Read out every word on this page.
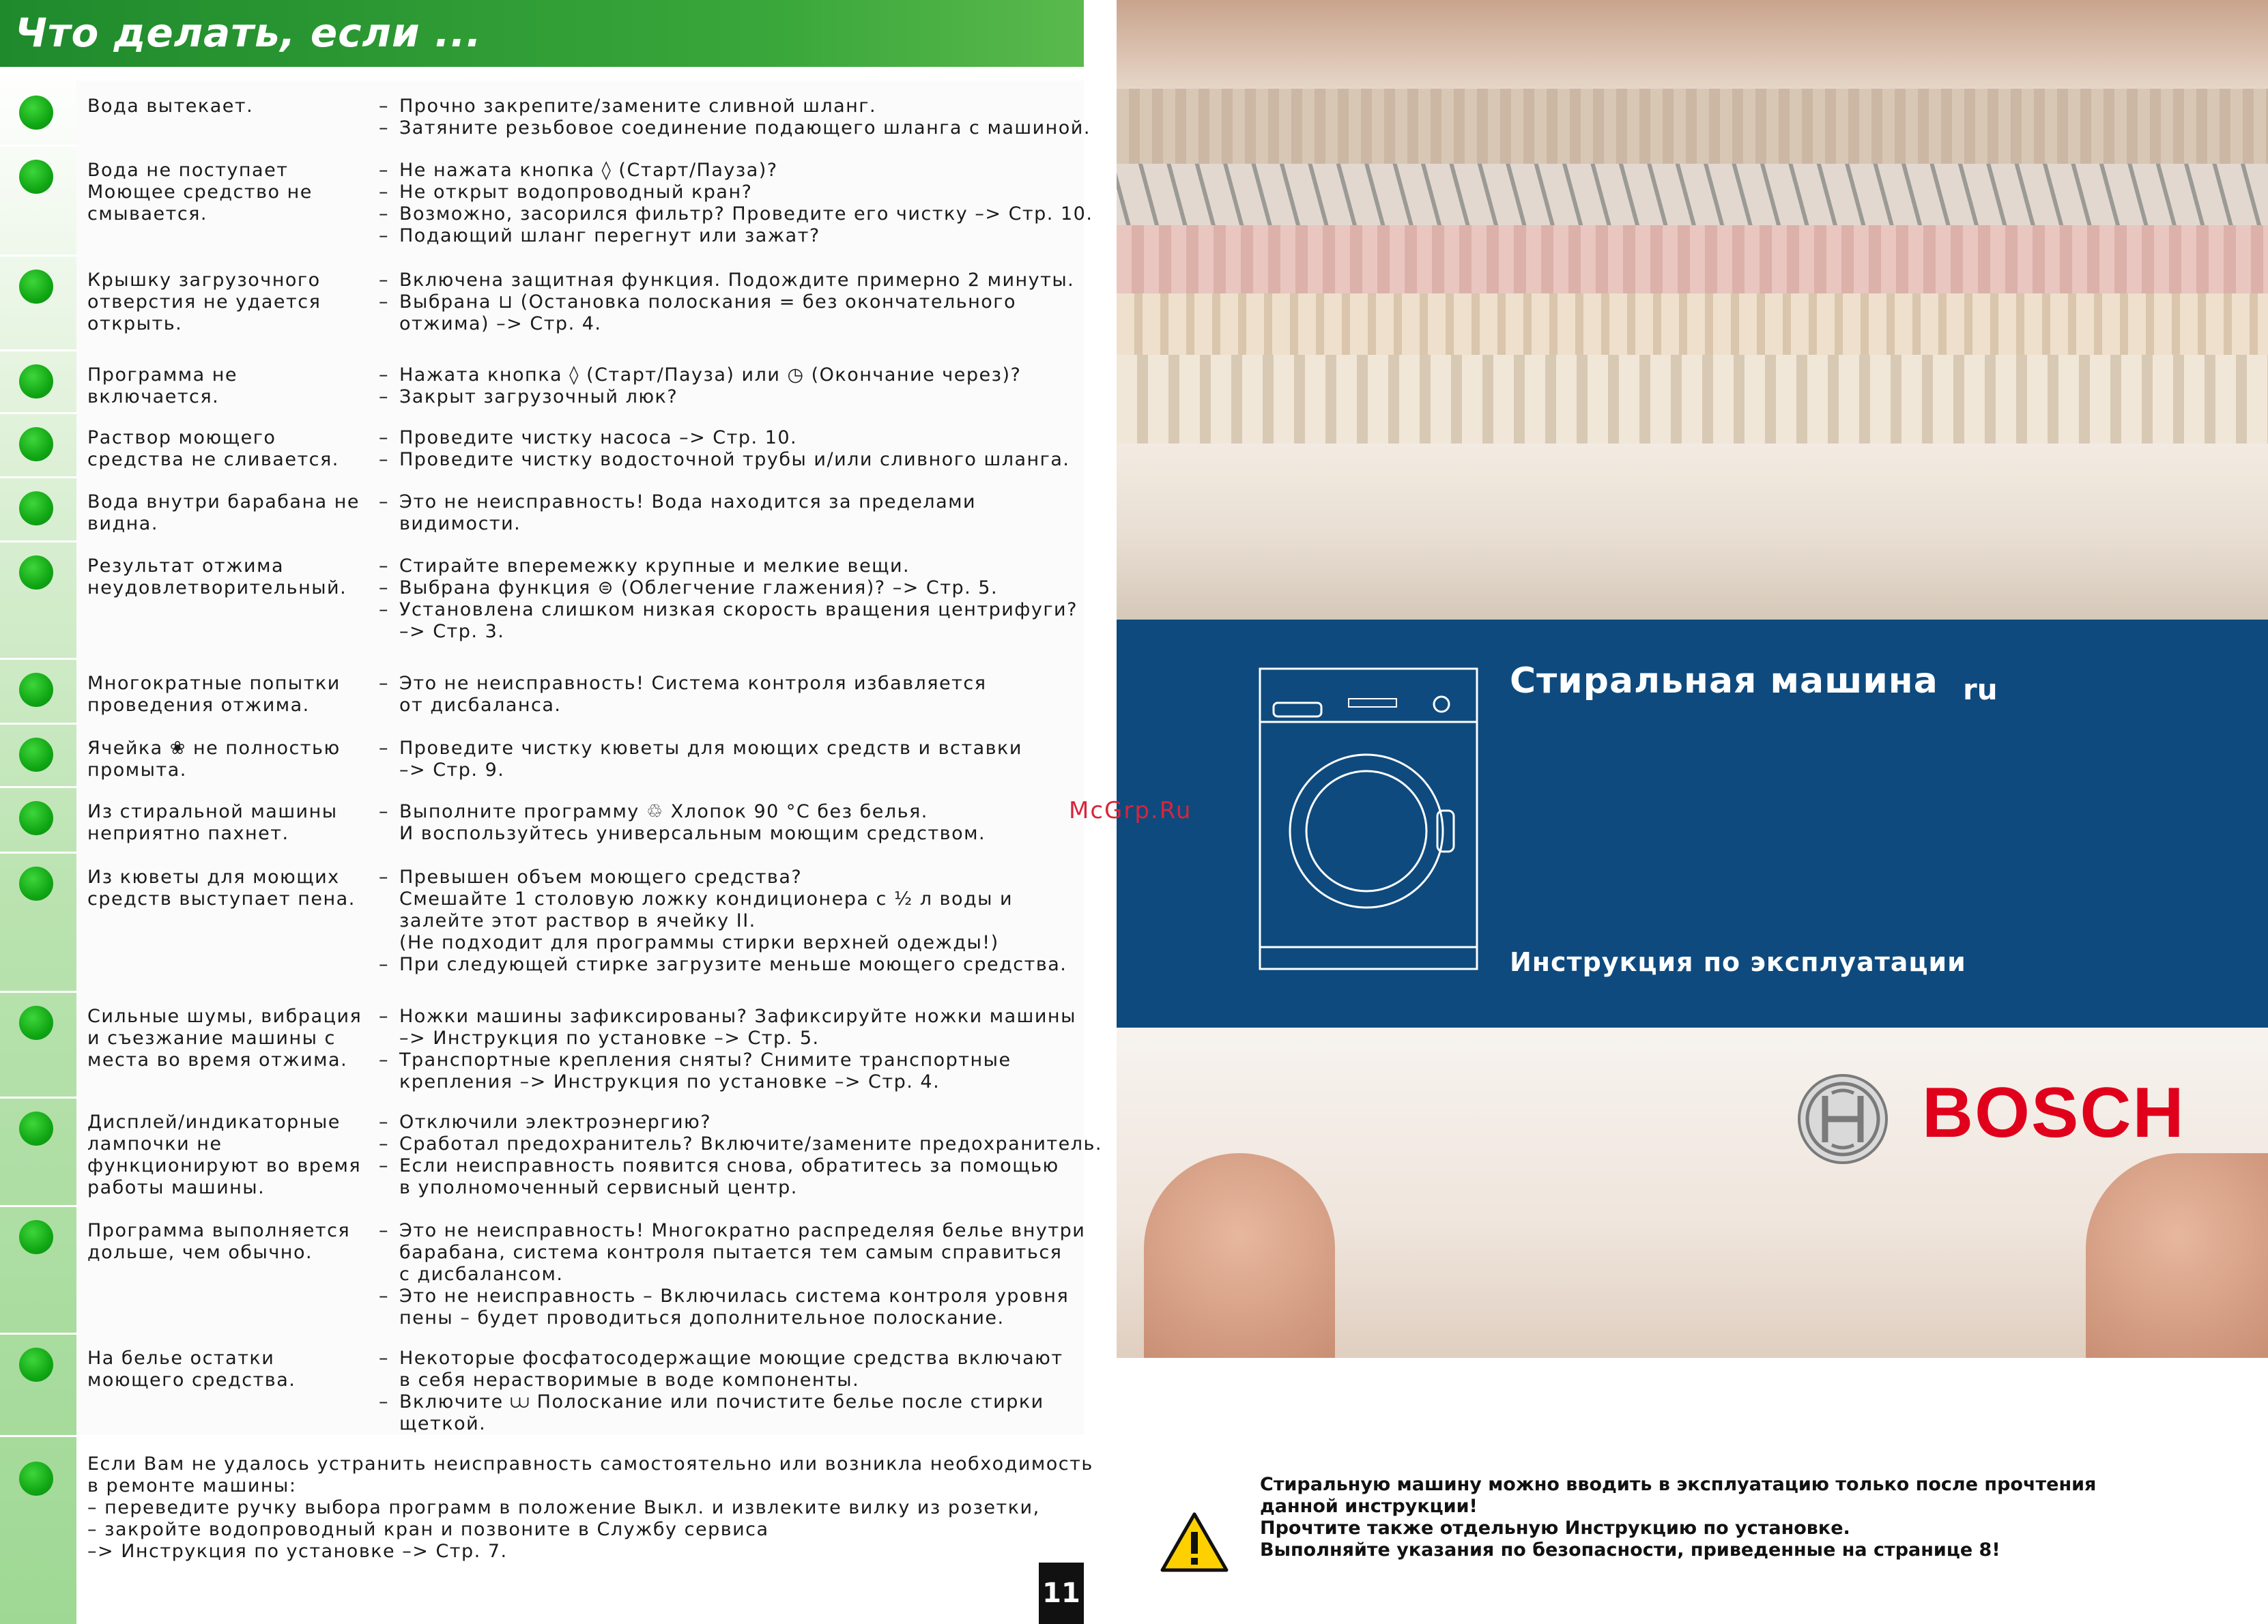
Что делать, если ...
Вода вытекает.	– Прочно закрепите/замените сливной шланг.

– Затяните резьбовое соединение подающего шланга с машиной.

Вода не поступает
Моющее средство не
смывается.

– Не нажата кнопка ◊ (Старт/Пауза)?

– Не открыт водопроводный кран?

– Возможно, засорился фильтр? Проведите его чистку –> Стр. 10.

– Подающий шланг перегнут или зажат?

Крышку загрузочного
отверстия не удается
открыть.

– Включена защитная функция. Подождите примерно 2 минуты.

– Выбрана ⊔ (Остановка полоскания = без окончательного

отжима) –> Стр. 4.

Программа не
включается.

– Нажата кнопка ◊ (Старт/Пауза) или ◷ (Окончание через)?

– Закрыт загрузочный люк?

Раствор моющего
средства не сливается.

– Проведите чистку насоса –> Стр. 10.

– Проведите чистку водосточной трубы и/или сливного шланга.

Вода внутри барабана не
видна.

– Это не неисправность! Вода находится за пределами

видимости.

Результат отжима
неудовлетворительный.

– Стирайте вперемежку крупные и мелкие вещи.

– Выбрана функция ⊜ (Облегчение глажения)? –> Стр. 5.

– Установлена слишком низкая скорость вращения центрифуги?

–> Стр. 3.

Многократные попытки
проведения отжима.

– Это не неисправность! Система контроля избавляется

от дисбаланса.

Ячейка ❀ не полностью
промыта.

– Проведите чистку кюветы для моющих средств и вставки

–> Стр. 9.

Из стиральной машины
неприятно пахнет.

– Выполните программу ♲ Хлопок 90 °C без белья.

И воспользуйтесь универсальным моющим средством.

Из кюветы для моющих
средств выступает пена.

– Превышен объем моющего средства?

Смешайте 1 столовую ложку кондиционера с ½ л воды и

залейте этот раствор в ячейку II.

(Не подходит для программы стирки верхней одежды!)

– При следующей стирке загрузите меньше моющего средства.

Сильные шумы, вибрация
и съезжание машины с
места во время отжима.

– Ножки машины зафиксированы? Зафиксируйте ножки машины

–> Инструкция по установке –> Стр. 5.

– Транспортные крепления сняты? Снимите транспортные

крепления –> Инструкция по установке –> Стр. 4.

Дисплей/индикаторные
лампочки не
функционируют во время
работы машины.

– Отключили электроэнергию?

– Сработал предохранитель? Включите/замените предохранитель.

– Если неисправность появится снова, обратитесь за помощью

в уполномоченный сервисный центр.

Программа выполняется
дольше, чем обычно.

– Это не неисправность! Многократно распределяя белье внутри

барабана, система контроля пытается тем самым справиться

с дисбалансом.

– Это не неисправность – Включилась система контроля уровня

пены – будет проводиться дополнительное полоскание.

На белье остатки
моющего средства.

– Некоторые фосфатосодержащие моющие средства включают

в себя нерастворимые в воде компоненты.

– Включите ⩊ Полоскание или почистите белье после стирки

щеткой.

Если Вам не удалось устранить неисправность самостоятельно или возникла необходимость

в ремонте машины:

– переведите ручку выбора программ в положение Выкл. и извлеките вилку из розетки,

– закройте водопроводный кран и позвоните в Службу сервиса

–> Инструкция по установке –> Стр. 7.

11
Стиральная машина ru
Инструкция по эксплуатации
McGrp.Ru
BOSCH

Стиральную машину можно вводить в эксплуатацию только после прочтения

данной инструкции!

Прочтите также отдельную Инструкцию по установке.

Выполняйте указания по безопасности, приведенные на странице 8!
